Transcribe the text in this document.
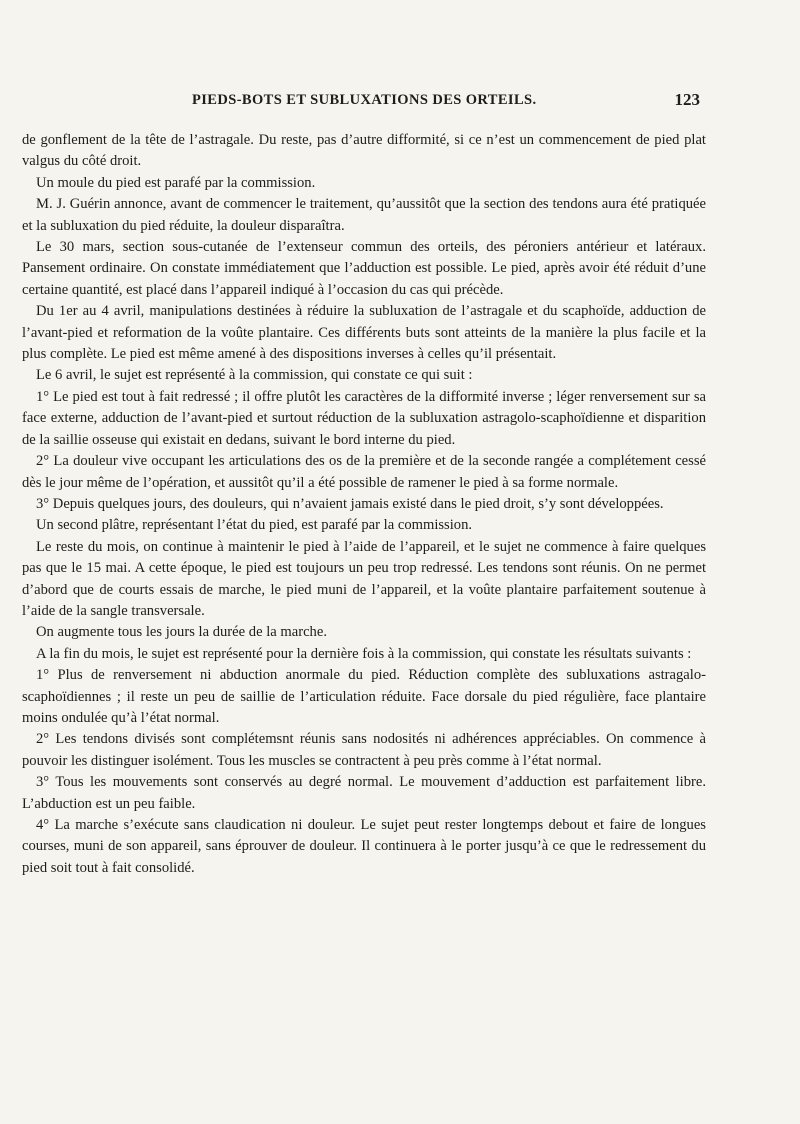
PIEDS-BOTS ET SUBLUXATIONS DES ORTEILS.	123

de gonflement de la tête de l’astragale. Du reste, pas d’autre difformité, si ce n’est un commencement de pied plat valgus du côté droit.

Un moule du pied est parafé par la commission.

M. J. Guérin annonce, avant de commencer le traitement, qu’aussitôt que la section des tendons aura été pratiquée et la subluxation du pied réduite, la douleur disparaîtra.

Le 30 mars, section sous-cutanée de l’extenseur commun des orteils, des péroniers antérieur et latéraux. Pansement ordinaire. On constate immédiatement que l’adduction est possible. Le pied, après avoir été réduit d’une certaine quantité, est placé dans l’appareil indiqué à l’occasion du cas qui précède.

Du 1er au 4 avril, manipulations destinées à réduire la subluxation de l’astragale et du scaphoïde, adduction de l’avant-pied et reformation de la voûte plantaire. Ces différents buts sont atteints de la manière la plus facile et la plus complète. Le pied est même amené à des dispositions inverses à celles qu’il présentait.

Le 6 avril, le sujet est représenté à la commission, qui constate ce qui suit :

1° Le pied est tout à fait redressé ; il offre plutôt les caractères de la difformité inverse ; léger renversement sur sa face externe, adduction de l’avant-pied et surtout réduction de la subluxation astragolo-scaphoïdienne et disparition de la saillie osseuse qui existait en dedans, suivant le bord interne du pied.

2° La douleur vive occupant les articulations des os de la première et de la seconde rangée a complétement cessé dès le jour même de l’opération, et aussitôt qu’il a été possible de ramener le pied à sa forme normale.

3° Depuis quelques jours, des douleurs, qui n’avaient jamais existé dans le pied droit, s’y sont développées.

Un second plâtre, représentant l’état du pied, est parafé par la commission.

Le reste du mois, on continue à maintenir le pied à l’aide de l’appareil, et le sujet ne commence à faire quelques pas que le 15 mai. A cette époque, le pied est toujours un peu trop redressé. Les tendons sont réunis. On ne permet d’abord que de courts essais de marche, le pied muni de l’appareil, et la voûte plantaire parfaitement soutenue à l’aide de la sangle transversale.

On augmente tous les jours la durée de la marche.

A la fin du mois, le sujet est représenté pour la dernière fois à la commission, qui constate les résultats suivants :

1° Plus de renversement ni abduction anormale du pied. Réduction complète des subluxations astragalo-scaphoïdiennes ; il reste un peu de saillie de l’articulation réduite. Face dorsale du pied régulière, face plantaire moins ondulée qu’à l’état normal.

2° Les tendons divisés sont complétemsnt réunis sans nodosités ni adhérences appréciables. On commence à pouvoir les distinguer isolément. Tous les muscles se contractent à peu près comme à l’état normal.

3° Tous les mouvements sont conservés au degré normal. Le mouvement d’adduction est parfaitement libre. L’abduction est un peu faible.

4° La marche s’exécute sans claudication ni douleur. Le sujet peut rester longtemps debout et faire de longues courses, muni de son appareil, sans éprouver de douleur. Il continuera à le porter jusqu’à ce que le redressement du pied soit tout à fait consolidé.
